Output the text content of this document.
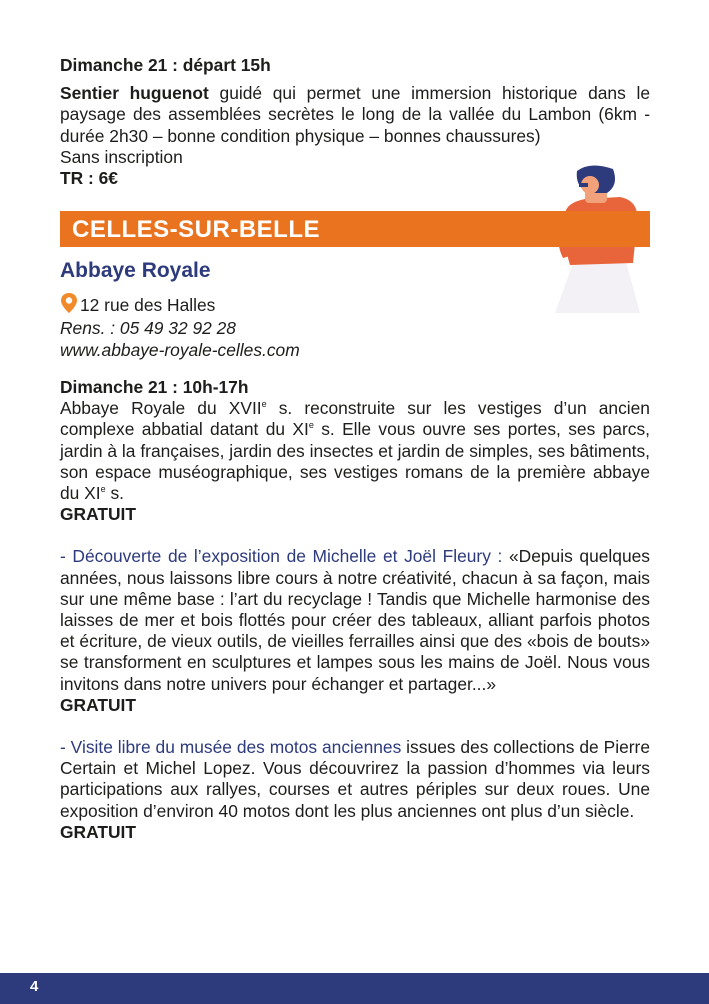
Dimanche 21 : départ 15h

Sentier huguenot guidé qui permet une immersion historique dans le paysage des assemblées secrètes le long de la vallée du Lambon (6km - durée 2h30 – bonne condition physique – bonnes chaussures)

Sans inscription

TR : 6€

CELLES-SUR-BELLE
Abbaye Royale
12 rue des Halles
Rens. : 05 49 32 92 28
www.abbaye-royale-celles.com

Dimanche 21 : 10h-17h

Abbaye Royale du XVIIe s. reconstruite sur les vestiges d’un ancien complexe abbatial datant du XIe s. Elle vous ouvre ses portes, ses parcs, jardin à la françaises, jardin des insectes et jardin de simples, ses bâtiments, son espace muséographique, ses vestiges romans de la première abbaye du XIe s.

GRATUIT

- Découverte de l’exposition de Michelle et Joël Fleury : «Depuis quelques années, nous laissons libre cours à notre créativité, chacun à sa façon, mais sur une même base : l’art du recyclage ! Tandis que Michelle harmonise des laisses de mer et bois flottés pour créer des tableaux, alliant parfois photos et écriture, de vieux outils, de vieilles ferrailles ainsi que des «bois de bouts» se transforment en sculptures et lampes sous les mains de Joël. Nous vous invitons dans notre univers pour échanger et partager...»

GRATUIT

- Visite libre du musée des motos anciennes issues des collections de Pierre Certain et Michel Lopez. Vous découvrirez la passion d’hommes via leurs participations aux rallyes, courses et autres périples sur deux roues. Une exposition d’environ 40 motos dont les plus anciennes ont plus d’un siècle.

GRATUIT

4
